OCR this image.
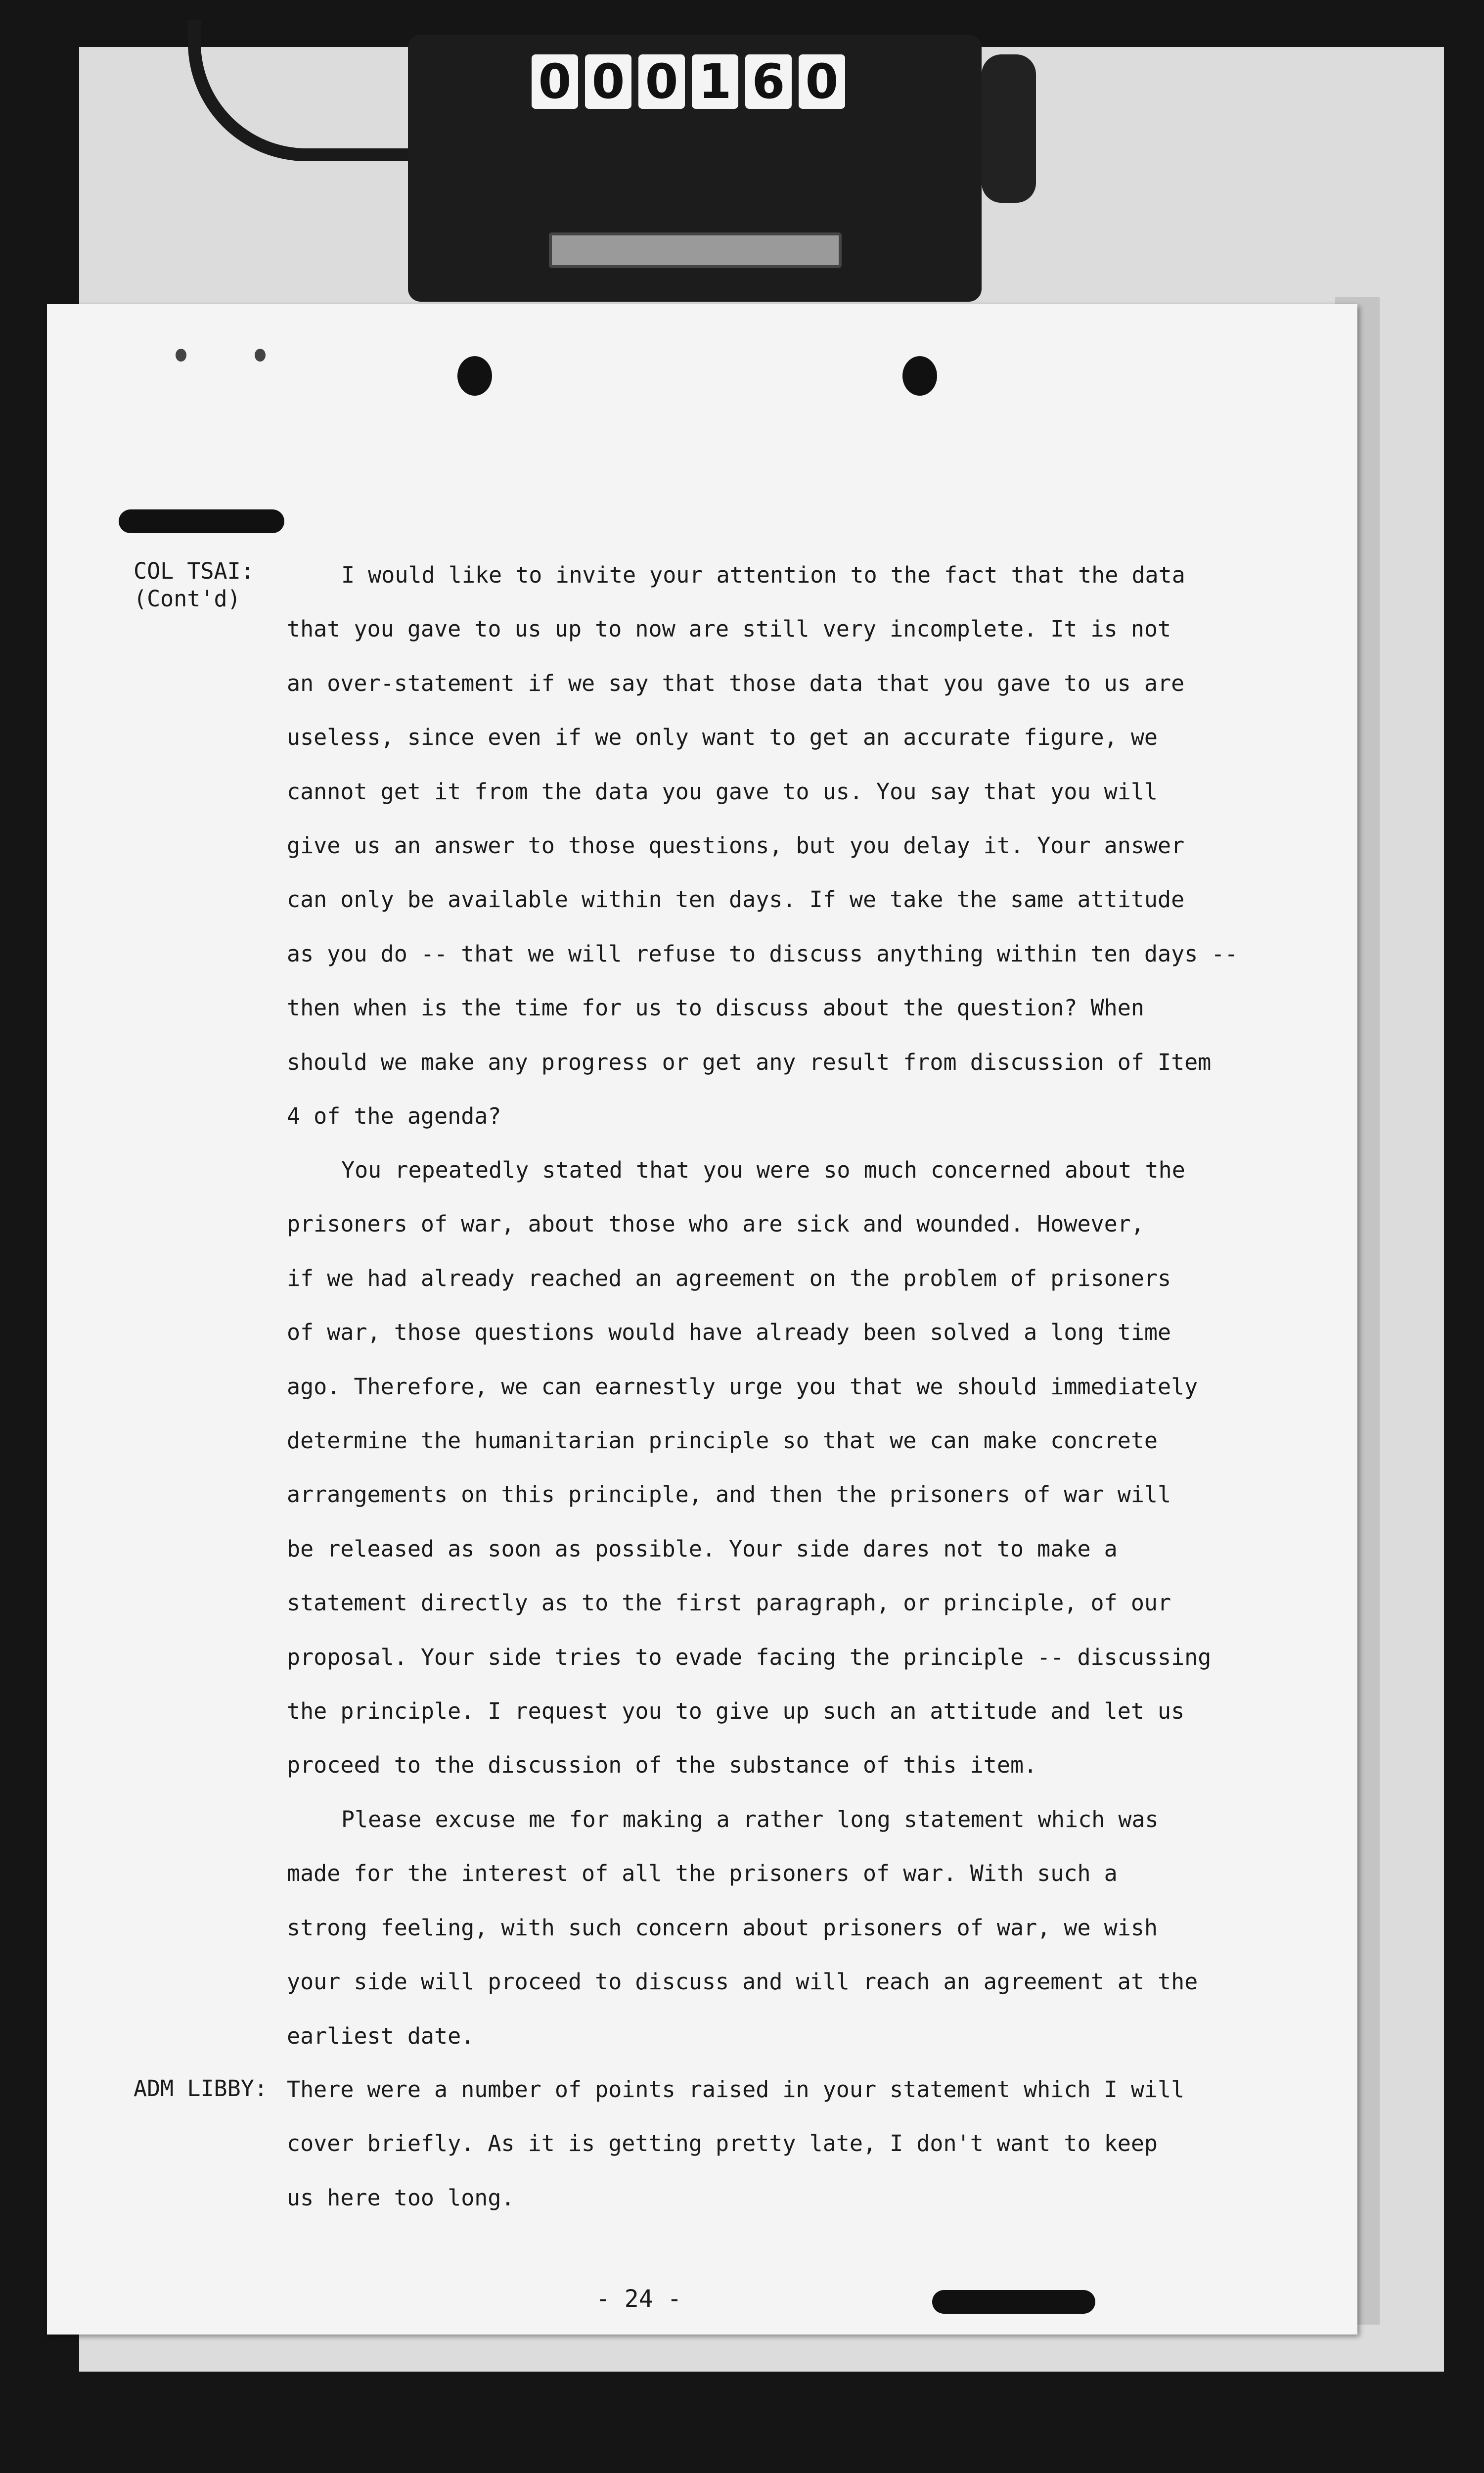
0 0 0 1 6 0
COL TSAI:
(Cont'd)

I would like to invite your attention to the fact that the data
that you gave to us up to now are still very incomplete. It is not
an over-statement if we say that those data that you gave to us are
useless, since even if we only want to get an accurate figure, we
cannot get it from the data you gave to us. You say that you will
give us an answer to those questions, but you delay it. Your answer
can only be available within ten days. If we take the same attitude
as you do -- that we will refuse to discuss anything within ten days --
then when is the time for us to discuss about the question? When
should we make any progress or get any result from discussion of Item
4 of the agenda?

You repeatedly stated that you were so much concerned about the
prisoners of war, about those who are sick and wounded. However,
if we had already reached an agreement on the problem of prisoners
of war, those questions would have already been solved a long time
ago. Therefore, we can earnestly urge you that we should immediately
determine the humanitarian principle so that we can make concrete
arrangements on this principle, and then the prisoners of war will
be released as soon as possible. Your side dares not to make a
statement directly as to the first paragraph, or principle, of our
proposal. Your side tries to evade facing the principle -- discussing
the principle. I request you to give up such an attitude and let us
proceed to the discussion of the substance of this item.

Please excuse me for making a rather long statement which was
made for the interest of all the prisoners of war. With such a
strong feeling, with such concern about prisoners of war, we wish
your side will proceed to discuss and will reach an agreement at the
earliest date.

ADM LIBBY: There were a number of points raised in your statement which I will
cover briefly. As it is getting pretty late, I don't want to keep
us here too long.

- 24 -
